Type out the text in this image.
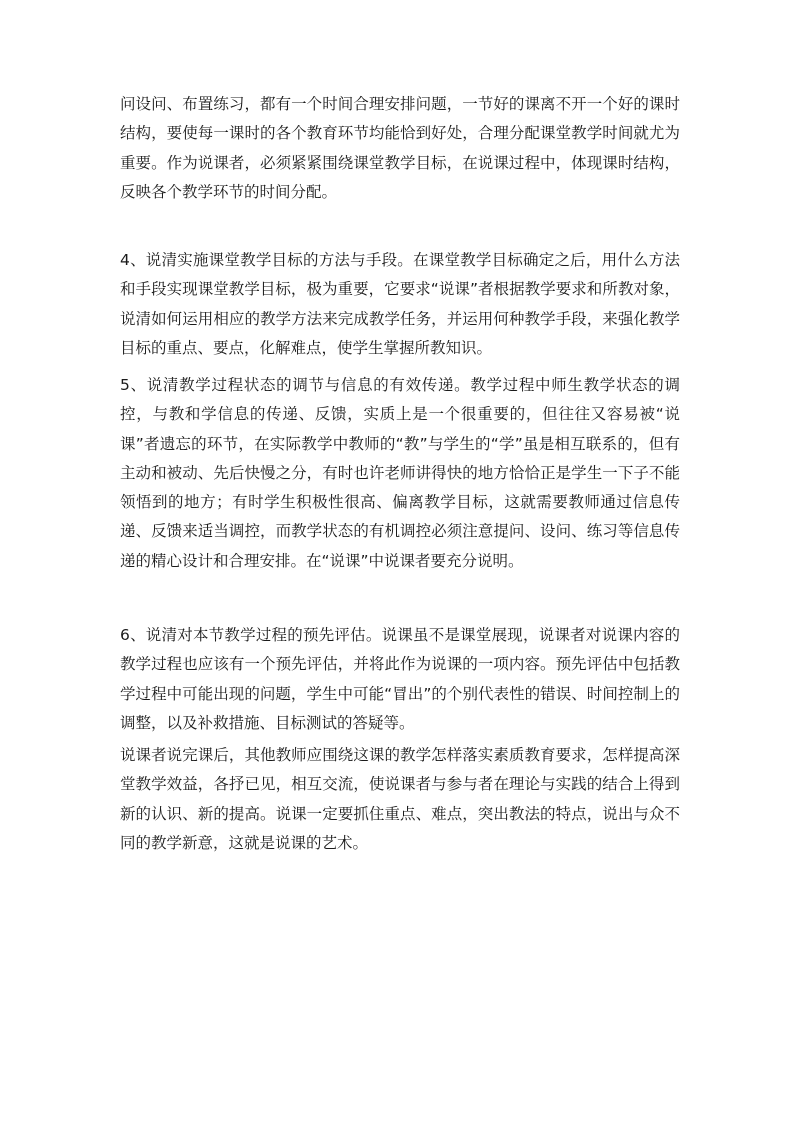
问设问、布置练习，都有一个时间合理安排问题，一节好的课离不开一个好的课时结构，要使每一课时的各个教育环节均能恰到好处，合理分配课堂教学时间就尤为重要。作为说课者，必须紧紧围绕课堂教学目标，在说课过程中，体现课时结构，反映各个教学环节的时间分配。

4、说清实施课堂教学目标的方法与手段。在课堂教学目标确定之后，用什么方法和手段实现课堂教学目标，极为重要，它要求“说课”者根据教学要求和所教对象，说清如何运用相应的教学方法来完成教学任务，并运用何种教学手段，来强化教学目标的重点、要点，化解难点，使学生掌握所教知识。

5、说清教学过程状态的调节与信息的有效传递。教学过程中师生教学状态的调控，与教和学信息的传递、反馈，实质上是一个很重要的，但往往又容易被“说课”者遗忘的环节，在实际教学中教师的“教”与学生的“学”虽是相互联系的，但有主动和被动、先后快慢之分，有时也许老师讲得快的地方恰恰正是学生一下子不能领悟到的地方；有时学生积极性很高、偏离教学目标，这就需要教师通过信息传递、反馈来适当调控，而教学状态的有机调控必须注意提问、设问、练习等信息传递的精心设计和合理安排。在“说课”中说课者要充分说明。

6、说清对本节教学过程的预先评估。说课虽不是课堂展现，说课者对说课内容的教学过程也应该有一个预先评估，并将此作为说课的一项内容。预先评估中包括教学过程中可能出现的问题，学生中可能“冒出”的个别代表性的错误、时间控制上的调整，以及补救措施、目标测试的答疑等。

说课者说完课后，其他教师应围绕这课的教学怎样落实素质教育要求，怎样提高深堂教学效益，各抒已见，相互交流，使说课者与参与者在理论与实践的结合上得到新的认识、新的提高。说课一定要抓住重点、难点，突出教法的特点，说出与众不同的教学新意，这就是说课的艺术。
